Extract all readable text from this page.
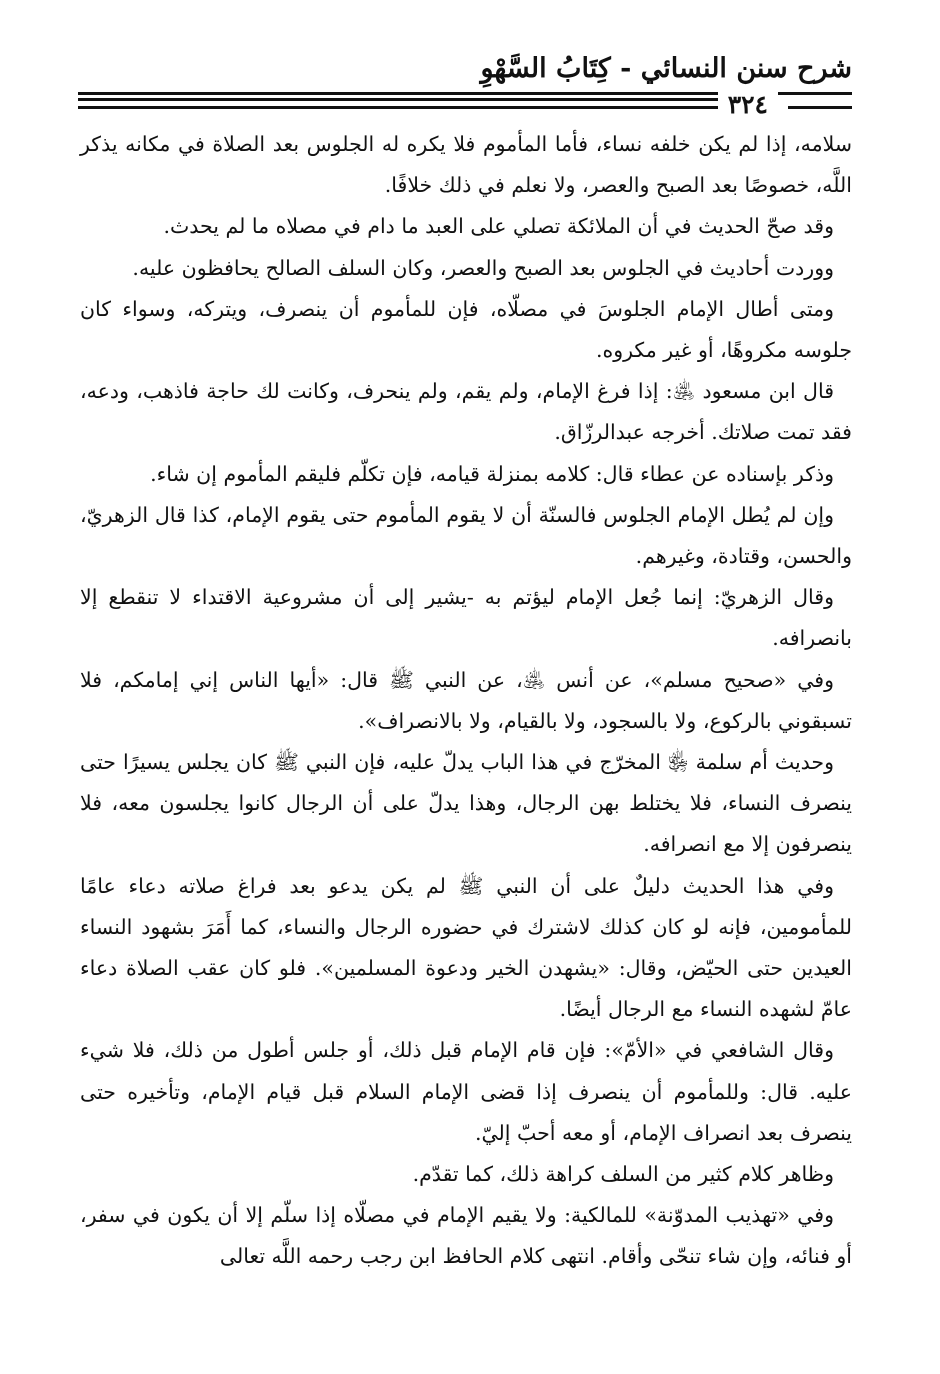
شرح سنن النسائي - كِتَابُ السَّهْوِ
٣٢٤

سلامه، إذا لم يكن خلفه نساء، فأما المأموم فلا يكره له الجلوس بعد الصلاة في مكانه يذكر اللَّه، خصوصًا بعد الصبح والعصر، ولا نعلم في ذلك خلافًا.

وقد صحّ الحديث في أن الملائكة تصلي على العبد ما دام في مصلاه ما لم يحدث.

ووردت أحاديث في الجلوس بعد الصبح والعصر، وكان السلف الصالح يحافظون عليه.

ومتى أطال الإمام الجلوسَ في مصلّاه، فإن للمأموم أن ينصرف، ويتركه، وسواء كان جلوسه مكروهًا، أو غير مكروه.

قال ابن مسعود ﵁: إذا فرغ الإمام، ولم يقم، ولم ينحرف، وكانت لك حاجة فاذهب، ودعه، فقد تمت صلاتك. أخرجه عبدالرزّاق.

وذكر بإسناده عن عطاء قال: كلامه بمنزلة قيامه، فإن تكلّم فليقم المأموم إن شاء.

وإن لم يُطل الإمام الجلوس فالسنّة أن لا يقوم المأموم حتى يقوم الإمام، كذا قال الزهريّ، والحسن، وقتادة، وغيرهم.

وقال الزهريّ: إنما جُعل الإمام ليؤتم به -يشير إلى أن مشروعية الاقتداء لا تنقطع إلا بانصرافه.

وفي «صحيح مسلم»، عن أنس ﵁، عن النبي ﷺ قال: «أيها الناس إني إمامكم، فلا تسبقوني بالركوع، ولا بالسجود، ولا بالقيام، ولا بالانصراف».

وحديث أم سلمة ﵂ المخرّج في هذا الباب يدلّ عليه، فإن النبي ﷺ كان يجلس يسيرًا حتى ينصرف النساء، فلا يختلط بهن الرجال، وهذا يدلّ على أن الرجال كانوا يجلسون معه، فلا ينصرفون إلا مع انصرافه.

وفي هذا الحديث دليلٌ على أن النبي ﷺ لم يكن يدعو بعد فراغ صلاته دعاء عامًا للمأمومين، فإنه لو كان كذلك لاشترك في حضوره الرجال والنساء، كما أَمَرَ بشهود النساء العيدين حتى الحيّض، وقال: «يشهدن الخير ودعوة المسلمين». فلو كان عقب الصلاة دعاء عامّ لشهده النساء مع الرجال أيضًا.

وقال الشافعي في «الأمّ»: فإن قام الإمام قبل ذلك، أو جلس أطول من ذلك، فلا شيء عليه. قال: وللمأموم أن ينصرف إذا قضى الإمام السلام قبل قيام الإمام، وتأخيره حتى ينصرف بعد انصراف الإمام، أو معه أحبّ إليّ.

وظاهر كلام كثير من السلف كراهة ذلك، كما تقدّم.

وفي «تهذيب المدوّنة» للمالكية: ولا يقيم الإمام في مصلّاه إذا سلّم إلا أن يكون في سفر، أو فنائه، وإن شاء تنحّى وأقام. انتهى كلام الحافظ ابن رجب رحمه اللَّه تعالى
